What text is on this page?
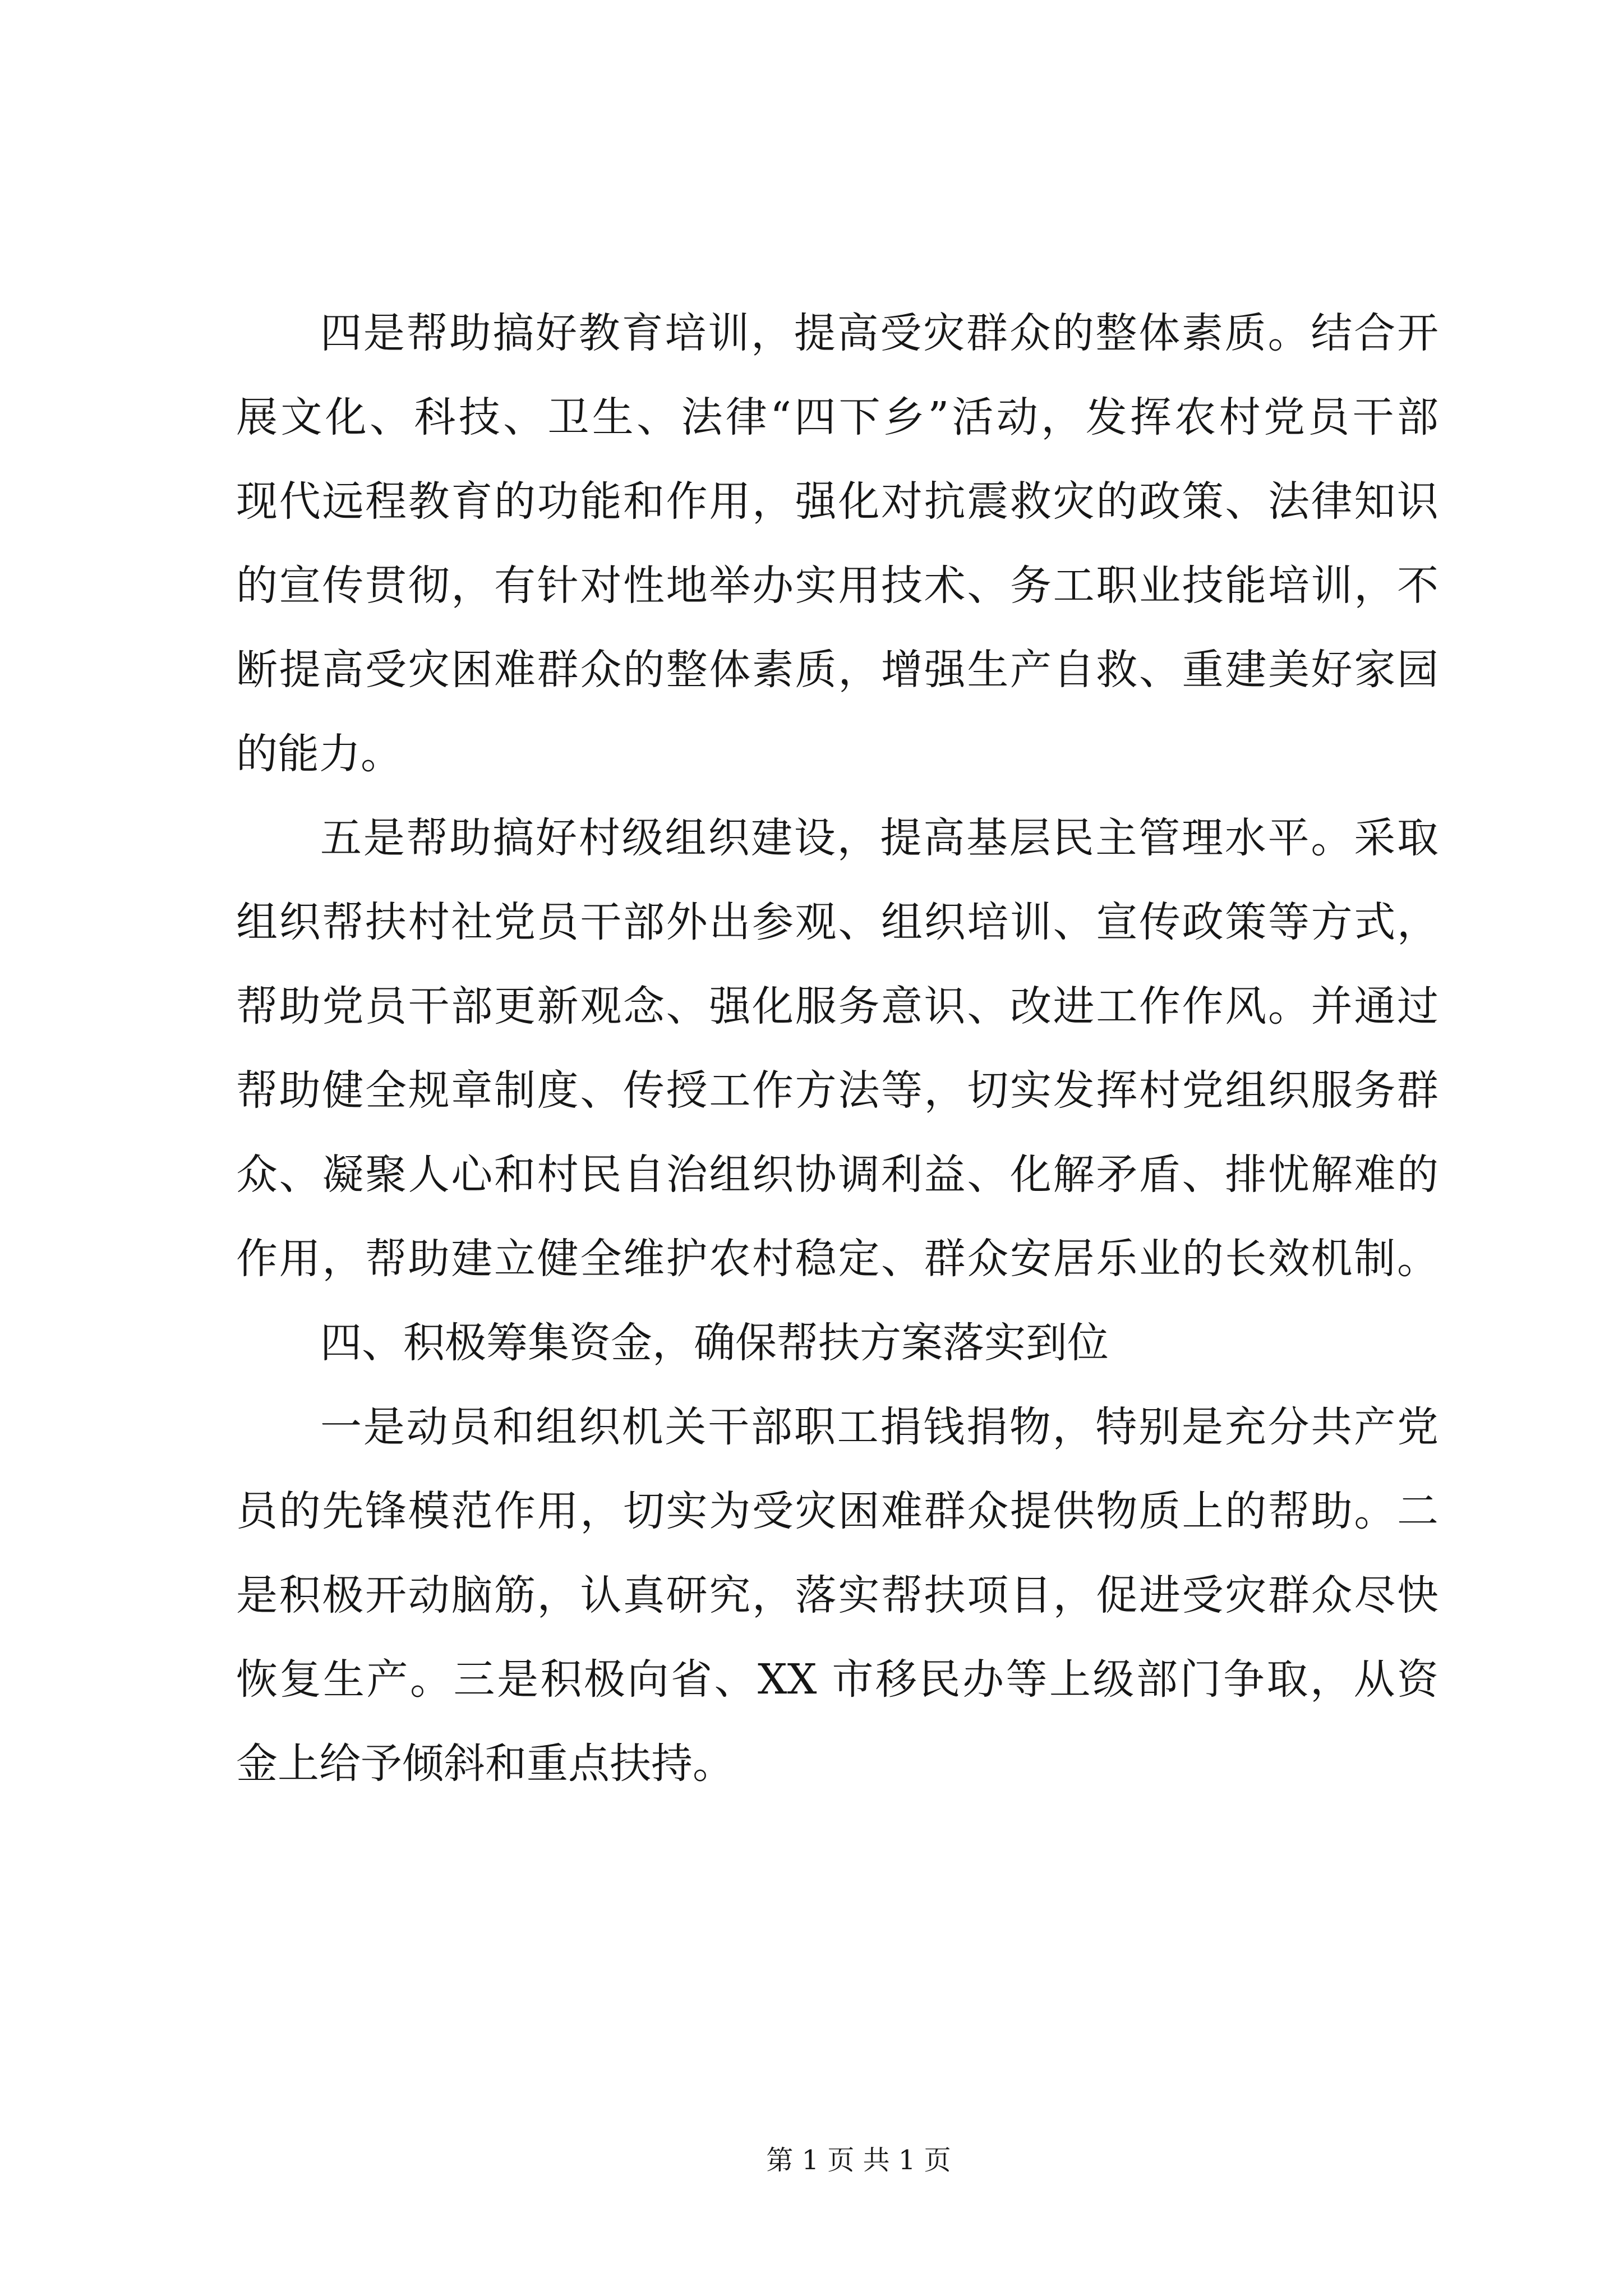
四是帮助搞好教育培训，提高受灾群众的整体素质。结合开
展文化、科技、卫生、法律“四下乡”活动，发挥农村党员干部
现代远程教育的功能和作用，强化对抗震救灾的政策、法律知识
的宣传贯彻，有针对性地举办实用技术、务工职业技能培训，不
断提高受灾困难群众的整体素质，增强生产自救、重建美好家园
的能力。
五是帮助搞好村级组织建设，提高基层民主管理水平。采取
组织帮扶村社党员干部外出参观、组织培训、宣传政策等方式，
帮助党员干部更新观念、强化服务意识、改进工作作风。并通过
帮助健全规章制度、传授工作方法等，切实发挥村党组织服务群
众、凝聚人心和村民自治组织协调利益、化解矛盾、排忧解难的
作用，帮助建立健全维护农村稳定、群众安居乐业的长效机制。
四、积极筹集资金，确保帮扶方案落实到位
一是动员和组织机关干部职工捐钱捐物，特别是充分共产党
员的先锋模范作用，切实为受灾困难群众提供物质上的帮助。二
是积极开动脑筋，认真研究，落实帮扶项目，促进受灾群众尽快
恢复生产。三是积极向省、XX 市移民办等上级部门争取，从资
金上给予倾斜和重点扶持。
第 1 页 共 1 页
